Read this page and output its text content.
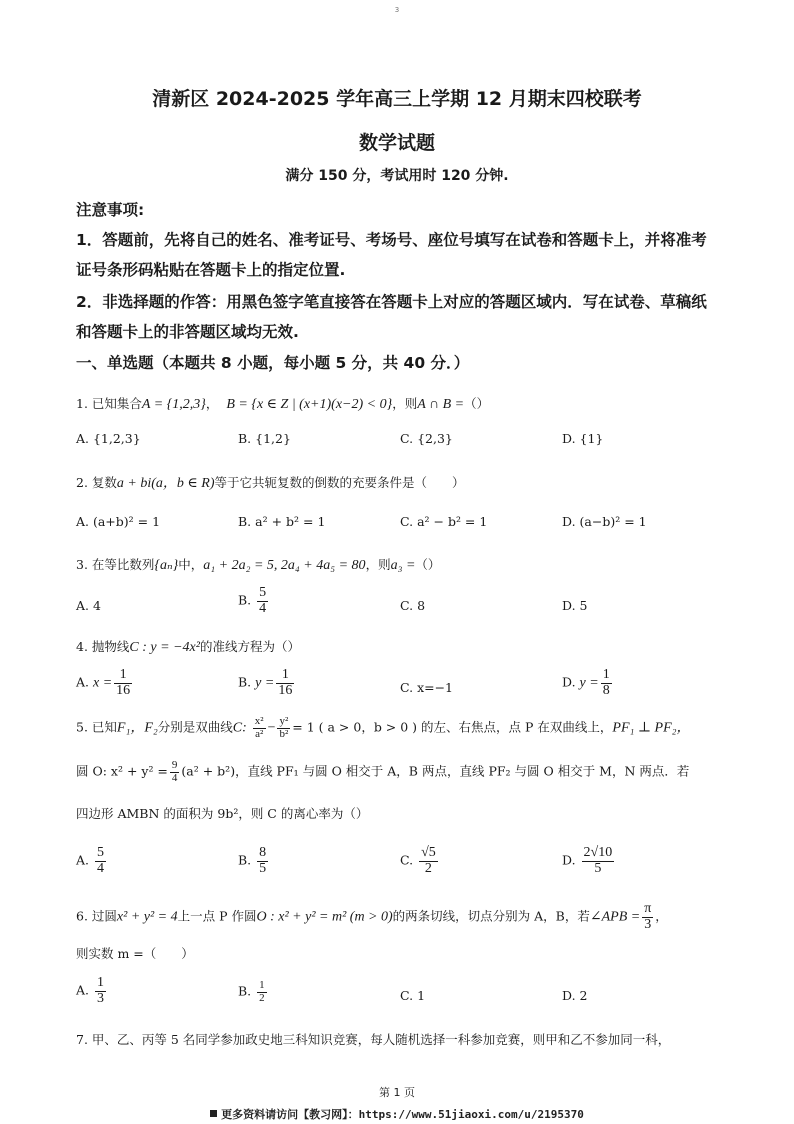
3
清新区 2024-2025 学年高三上学期 12 月期末四校联考
数学试题
满分 150 分，考试用时 120 分钟.
注意事项:
1．答题前，先将自己的姓名、准考证号、考场号、座位号填写在试卷和答题卡上，并将准考
证号条形码粘贴在答题卡上的指定位置.
2．非选择题的作答：用黑色签字笔直接答在答题卡上对应的答题区域内．写在试卷、草稿纸
和答题卡上的非答题区域均无效.
一、单选题（本题共 8 小题，每小题 5 分，共 40 分．）
1. 已知集合A = {1,2,3}， B = {x ∈ Z | (x+1)(x−2) < 0}，则A ∩ B =（）
A. {1,2,3}	B. {1,2}	C. {2,3}	D. {1}
2. 复数a + bi(a，b ∈ R)等于它共轭复数的倒数的充要条件是（　　）
A. (a+b)² = 1	B. a² + b² = 1	C. a² − b² = 1	D. (a−b)² = 1
3. 在等比数列{aₙ}中，a₁ + 2a₂ = 5, 2a₄ + 4a₅ = 80，则a₃ =（）
A. 4	B. $\frac{5}{4}$	C. 8	D. 5
4. 抛物线C : y = −4x²的准线方程为（）
A. $x = \frac{1}{16}$	B. $y = \frac{1}{16}$	C. x=−1	D. $y = \frac{1}{8}$
5. 已知F₁，F₂分别是双曲线C: $\frac{\text{x²}}{\text{a²}} - \frac{\text{y²}}{\text{b²}} = 1$ ( a > 0，b > 0 ) 的左、右焦点，点 P 在双曲线上，PF₁ ⊥ PF₂，
圆 O: $x^2 + y^2 = \frac{9}{4} (a^2 + b^2)$，直线 PF₁ 与圆 O 相交于 A，B 两点，直线 PF₂ 与圆 O 相交于 M，N 两点．若
四边形 AMBN 的面积为 9b²，则 C 的离心率为（）
A. $\frac{5}{4}$	B. $\frac{8}{5}$	C. $\frac{√5}{2}$	D. $\frac{2√10}{5}$
6. 过圆x² + y² = 4上一点 P 作圆O : x² + y² = m² (m > 0)的两条切线，切点分别为 A，B，若∠APB = $\frac{\pi}{3}$ ，
则实数 m =（　　）
A. $\frac{1}{3}$	B. $\frac{1}{2}$	C. 1	D. 2
7. 甲、乙、丙等 5 名同学参加政史地三科知识竞赛，每人随机选择一科参加竞赛，则甲和乙不参加同一科，
第 1 页
更多资料请访问【教习网】：https://www.51jiaoxi.com/u/2195370
